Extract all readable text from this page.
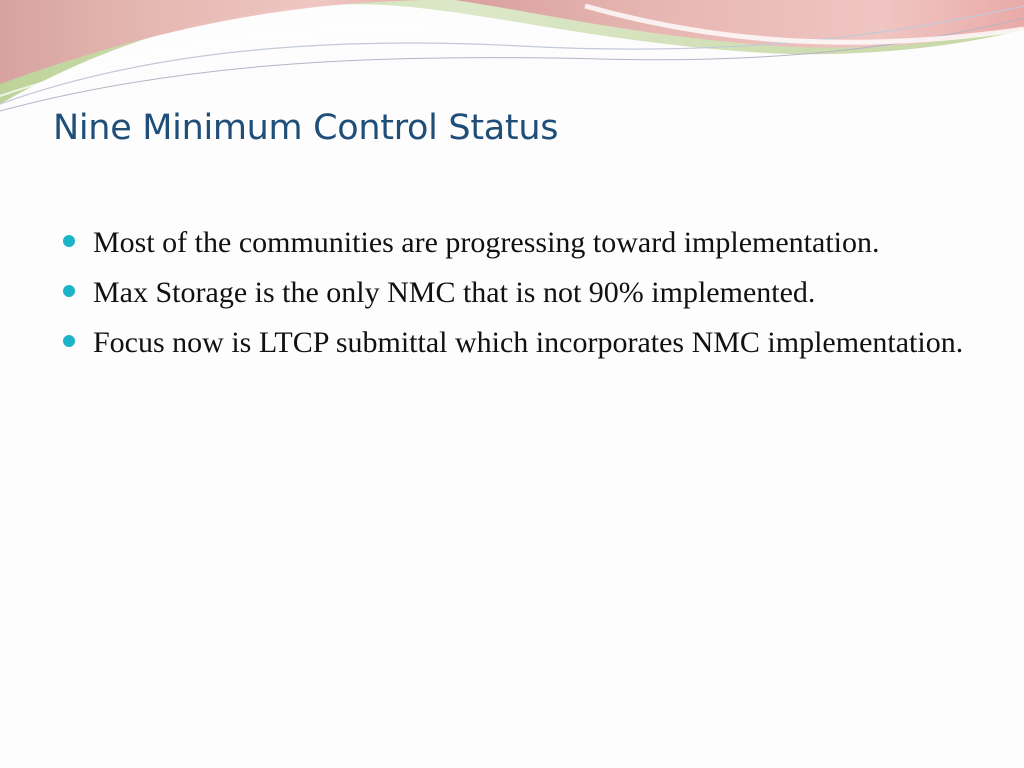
Nine Minimum Control Status
Most of the communities are progressing toward implementation.
Max Storage is the only NMC that is not 90% implemented.
Focus now is LTCP submittal which incorporates NMC implementation.
